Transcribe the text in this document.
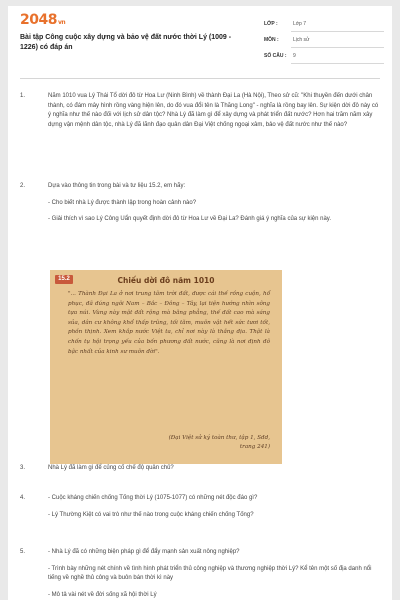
2048vn
Bài tập Công cuộc xây dựng và bảo vệ đất nước thời Lý (1009 - 1226) có đáp án
LỚP :	Lớp 7
MÔN :	Lịch sử
SỐ CÂU :	9
1.	Năm 1010 vua Lý Thái Tổ dời đô từ Hoa Lư (Ninh Bình) về thành Đại La (Hà Nội), Theo sử cũ: "Khi thuyền đến dưới chân thành, có đám mây hình rồng vàng hiện lên, do đó vua đổi tên là Thăng Long" - nghĩa là rồng bay lên. Sự kiện dời đô này có ý nghĩa như thế nào đối với lịch sử dân tộc? Nhà Lý đã làm gì để xây dựng và phát triển đất nước? Hơn hai trăm năm xây dựng vận mệnh dân tộc, nhà Lý đã lãnh đạo quân dân Đại Việt chống ngoại xâm, bảo vệ đất nước như thế nào?

2.	Dựa vào thông tin trong bài và tư liệu 15.2, em hãy:

- Cho biết nhà Lý được thành lập trong hoàn cảnh nào?

- Giải thích vì sao Lý Công Uẩn quyết định dời đô từ Hoa Lư về Đại La? Đánh giá ý nghĩa của sự kiện này.

15.2	Chiếu dời đô năm 1010
"... Thành Đại La ở nơi trung tâm trời đất, được cái thế rồng cuộn, hổ phục, đã đúng ngôi Nam – Bắc – Đông – Tây, lại tiện hướng nhìn sông tựa núi. Vùng này mặt đất rộng mà bằng phẳng, thế đất cao mà sáng sủa, dân cư không khổ thấp trũng, tối tăm, muôn vật hết sức tươi tốt, phồn thịnh. Xem khắp nước Việt ta, chỉ nơi này là thắng địa. Thật là chốn tụ hội trọng yếu của bốn phương đất nước, cũng là nơi định đô bậc nhất của kinh sư muôn đời".
(Đại Việt sử ký toàn thư, tập 1, Sđd, trang 241)
3.	Nhà Lý đã làm gì để củng cố chế độ quân chủ?

4.	- Cuộc kháng chiến chống Tống thời Lý (1075-1077) có những nét độc đáo gì?

- Lý Thường Kiệt có vai trò như thế nào trong cuộc kháng chiến chống Tống?

5.	- Nhà Lý đã có những biện pháp gì để đẩy mạnh sản xuất nông nghiệp?

- Trình bày những nét chính về tình hình phát triển thủ công nghiệp và thương nghiệp thời Lý? Kể tên một số địa danh nổi tiếng về nghề thủ công và buôn bán thời kì này

- Mô tả vài nét về đời sống xã hội thời Lý
